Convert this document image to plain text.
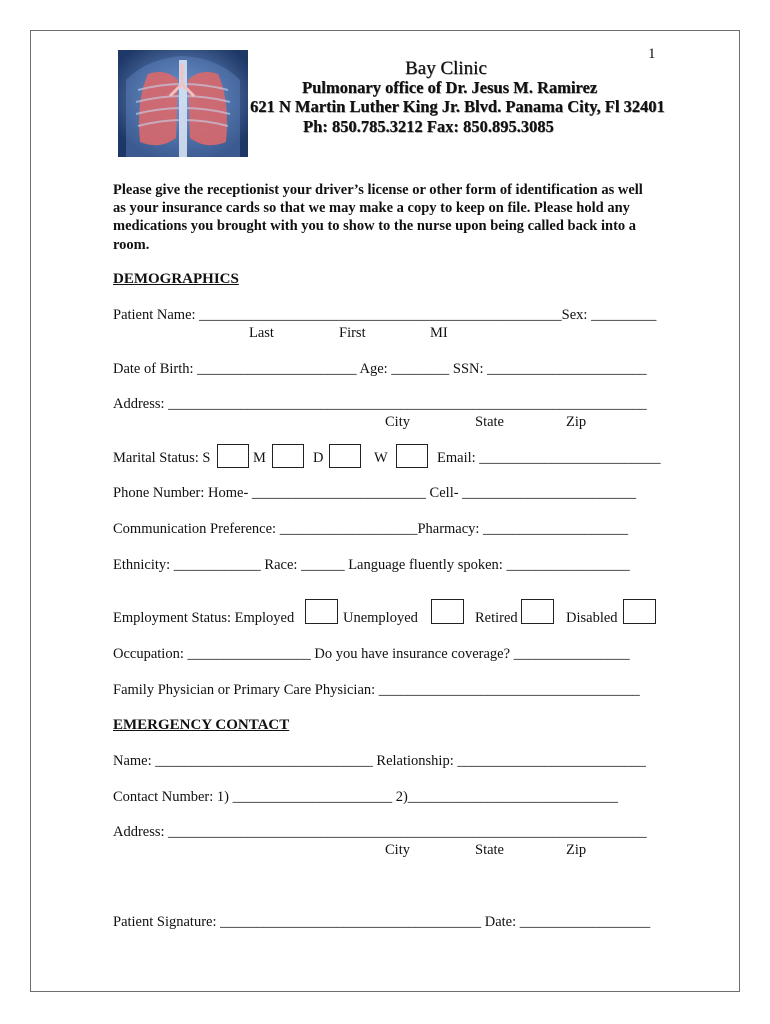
1
Bay Clinic
Pulmonary office of Dr. Jesus M. Ramirez
621 N Martin Luther King Jr. Blvd. Panama City, Fl 32401
Ph: 850.785.3212 Fax: 850.895.3085
Please give the receptionist your driver’s license or other form of identification as well as your insurance cards so that we may make a copy to keep on file. Please hold any medications you brought with you to show to the nurse upon being called back into a room.
DEMOGRAPHICS
Patient Name: __________________________________________________Sex: _________
Last	First	MI
Date of Birth: ______________________ Age: ________ SSN: ______________________
Address: __________________________________________________________________
City	State	Zip
Marital Status: S	M	D	W	Email: _________________________
Phone Number: Home- ________________________ Cell- ________________________
Communication Preference: ___________________Pharmacy: ____________________
Ethnicity: ____________ Race: ______ Language fluently spoken: _________________
Employment Status: Employed	Unemployed	Retired	Disabled
Occupation: _________________ Do you have insurance coverage? ________________
Family Physician or Primary Care Physician: ____________________________________
EMERGENCY CONTACT
Name: ______________________________ Relationship: __________________________
Contact Number: 1) ______________________ 2)_____________________________
Address: __________________________________________________________________
City	State	Zip
Patient Signature: ____________________________________ Date: __________________
